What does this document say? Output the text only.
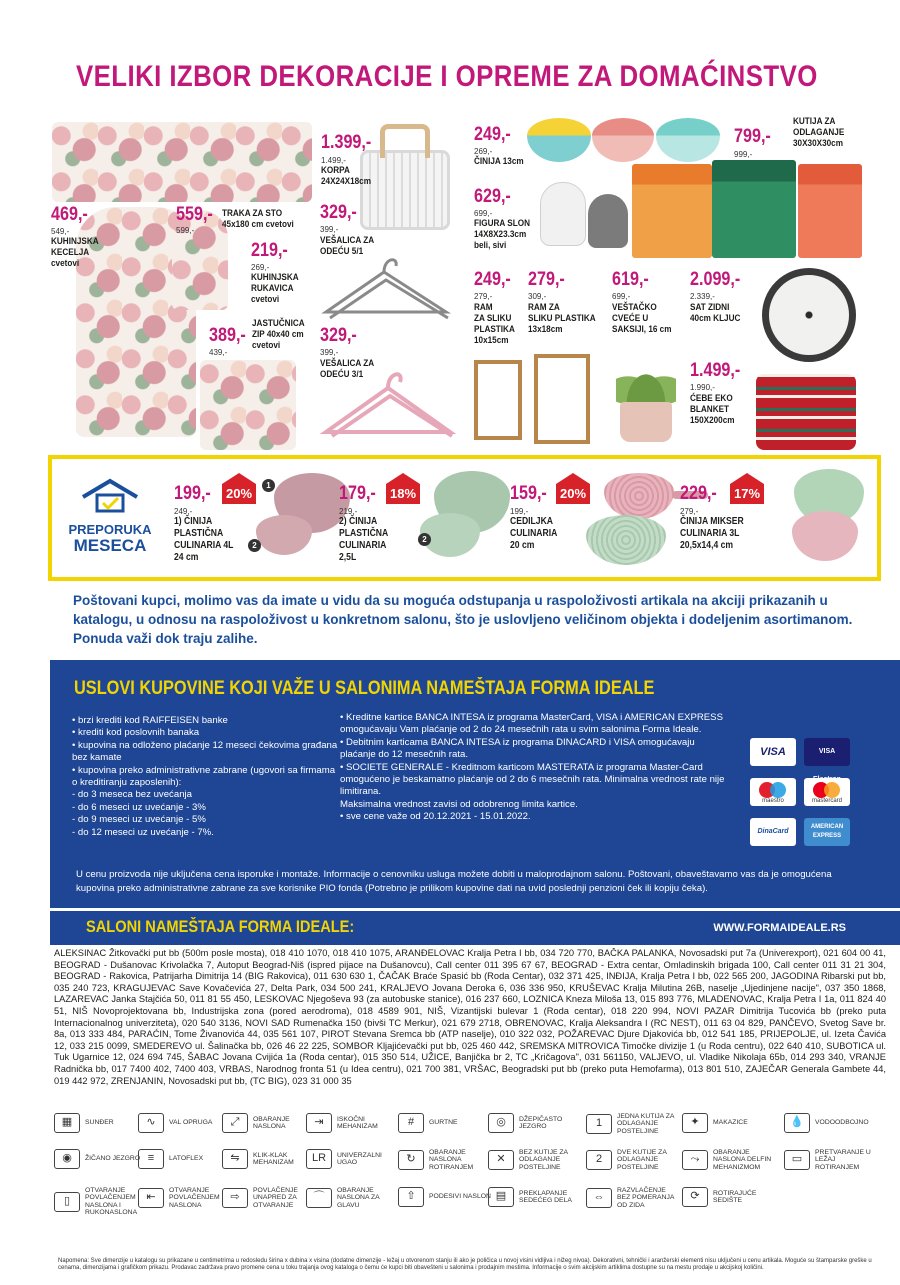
VELIKI IZBOR DEKORACIJE I OPREME ZA DOMAĆINSTVO
469,-
549,-
KUHINJSKA
KECELJA
cvetovi
559,-
599,-
TRAKA ZA STO
45x180 cm cvetovi
219,-
269,-
KUHINJSKA
RUKAVICA
cvetovi
389,-
439,-
JASTUČNICA
ZIP 40x40 cm
cvetovi
1.399,-
1.499,-
KORPA
24X24X18cm
329,-
399,-
VEŠALICA ZA
ODEĆU 5/1
329,-
399,-
VEŠALICA ZA
ODEĆU 3/1
249,-
269,-
ČINIJA 13cm
629,-
699,-
FIGURA SLON
14X8X23.3cm
beli, sivi
799,-
999,-
KUTIJA ZA
ODLAGANJE
30X30X30cm
249,-
279,-
RAM
ZA SLIKU
PLASTIKA
10x15cm
279,-
309,-
RAM ZA
SLIKU PLASTIKA
13x18cm
619,-
699,-
VEŠTAČKO
CVEĆE U
SAKSIJI, 16 cm
2.099,-
2.339,-
SAT ZIDNI
40cm KLJUC
1.499,-
1.990,-
ĆEBE EKO
BLANKET
150X200cm
PREPORUKA
MESECA
199,-	20%
249,-
1) ČINIJA
PLASTIČNA
CULINARIA 4L
24 cm
1
2
179,-	18%
219,-
2) ČINIJA
PLASTIČNA
CULINARIA
2,5L
2
159,-	20%
199,-
CEDILJKA
CULINARIA
20 cm
229,-	17%
279,-
ČINIJA MIKSER
CULINARIA 3L
20,5x14,4 cm
Poštovani kupci, molimo vas da imate u vidu da su moguća odstupanja u raspoloživosti artikala na akciji prikazanih u katalogu, u odnosu na raspoloživost u konkretnom salonu, što je uslovljeno veličinom objekta i dodeljenim asortimanom. Ponuda važi dok traju zalihe.
USLOVI KUPOVINE KOJI VAŽE U SALONIMA NAMEŠTAJA FORMA IDEALE
• brzi krediti kod RAIFFEISEN banke
• krediti kod poslovnih banaka
• kupovina na odloženo plaćanje 12 meseci čekovima građana bez kamate
• kupovina preko administrativne zabrane (ugovori sa firmama o kreditiranju zaposlenih):
- do 3 meseca bez uvećanja
- do 6 meseci uz uvećanje - 3%
- do 9 meseci uz uvećanje - 5%
- do 12 meseci uz uvećanje - 7%.
• Kreditne kartice BANCA INTESA iz programa MasterCard, VISA i AMERICAN EXPRESS omogućavaju Vam plaćanje od 2 do 24 mesečnih rata u svim salonima Forma Ideale.
• Debitnim karticama BANCA INTESA iz programa DINACARD i VISA omogućavaju plaćanje do 12 mesečnih rata.
• SOCIETE GENERALE - Kreditnom karticom MASTERATA iz programa Master-Card omogućeno je beskamatno plaćanje od 2 do 6 mesečnih rata. Minimalna vrednost rate nije limitirana.
Maksimalna vrednost zavisi od odobrenog limita kartice.
• sve cene važe od 20.12.2021 - 15.01.2022.
VISA	VISA
maestro	mastercard
DinaCard
AMERICAN EXPRESS
U cenu proizvoda nije uključena cena isporuke i montaže. Informacije o cenovniku usluga možete dobiti u maloprodajnom salonu. Poštovani, obaveštavamo vas da je omogućena kupovina preko administrativne zabrane za sve korisnike PIO fonda (Potrebno je prilikom kupovine dati na uvid poslednji penzioni ček ili kopiju čeka).
SALONI NAMEŠTAJA FORMA IDEALE:	WWW.FORMAIDEALE.RS
ALEKSINAC Žitkovački put bb (500m posle mosta), 018 410 1070, 018 410 1075, ARANĐELOVAC Kralja Petra I bb, 034 720 770, BAČKA PALANKA, Novosadski put 7a (Univerexport), 021 604 00 41, BEOGRAD - Dušanovac Krivolačka 7, Autoput Beograd-Niš (ispred pijace na Dušanovcu), Call center 011 395 67 67, BEOGRAD - Extra centar, Omladinskih brigada 100, Call center 011 31 21 304, BEOGRAD - Rakovica, Patrijarha Dimitrija 14 (BIG Rakovica), 011 630 630 1, ČAČAK Braće Spasić bb (Roda Centar), 032 371 425, INĐIJA, Kralja Petra I bb, 022 565 200, JAGODINA Ribarski put bb, 035 240 723, KRAGUJEVAC Save Kovačevića 27, Delta Park, 034 500 241, KRALJEVO Jovana Deroka 6, 036 336 950, KRUŠEVAC Kralja Milutina 26B, naselje „Ujedinjene nacije", 037 350 1868, LAZAREVAC Janka Stajčića 50, 011 81 55 450, LESKOVAC Njegoševa 93 (za autobuske stanice), 016 237 660, LOZNICA Kneza Miloša 13, 015 893 776, MLADENOVAC, Kralja Petra I 1a, 011 824 40 51, NIŠ Novoprojektovana bb, Industrijska zona (pored aerodroma), 018 4589 901, NIŠ, Vizantijski bulevar 1 (Roda centar), 018 220 994, NOVI PAZAR Dimitrija Tucovića bb (preko puta Internacionalnog univerziteta), 020 540 3136, NOVI SAD Rumenačka 150 (bivši TC Merkur), 021 679 2718, OBRENOVAC, Kralja Aleksandra I (RC NEST), 011 63 04 829, PANČEVO, Svetog Save br. 8a, 013 333 484, PARAĆIN, Tome Živanovića 44, 035 561 107, PIROT Stevana Sremca bb (ATP naselje), 010 322 032, POŽAREVAC Djure Djakovića bb, 012 541 185, PRIJEPOLJE, ul. Izeta Čavića 12, 033 215 0099, SMEDEREVO ul. Šalinačka bb, 026 46 22 225, SOMBOR Kljajićevački put bb, 025 460 442, SREMSKA MITROVICA Timočke divizije 1 (u Roda centru), 022 640 410, SUBOTICA ul. Tuk Ugarnice 12, 024 694 745, ŠABAC Jovana Cvijića 1a (Roda centar), 015 350 514, UŽICE, Banjička br 2, TC „Kričagova", 031 561150, VALJEVO, ul. Vladike Nikolaja 65b, 014 293 340, VRANJE Radnička bb, 017 7400 402, 7400 403, VRBAS, Narodnog fronta 51 (u Idea centru), 021 700 381, VRŠAC, Beogradski put bb (preko puta Hemofarma), 013 801 510, ZAJEČAR Generala Gambete 44, 019 442 972, ZRENJANIN, Novosadski put bb, (TC BIG), 023 31 000 35
▦	SUNĐER	∿	VAL OPRUGA	⤢	OBARANJE NASLONA	⇥	ISKOČNI MEHANIZAM	#	GURTNE	◎	DŽEPIČASTO JEZGRO	1
JEDNA KUTIJA ZA ODLAGANJE POSTELJINE
✦	MAKAZICE	💧	VODOODBOJNO
◉	ŽIČANO JEZGRO ≡	LATOFLEX	⇋	KLIK-KLAK MEHANIZAM	LR	UNIVERZALNI UGAO	↻
OBARANJE NASLONA ROTIRANJEM
✕
BEZ KUTIJE ZA ODLAGANJE POSTELJINE
2
DVE KUTIJE ZA ODLAGANJE POSTELJINE
⤳
OBARANJE NASLONA DELFIN MEHANIZMOM
▭
PRETVARANJE U LEŽAJ ROTIRANJEM
▯
OTVARANJE POVLAČENJEM NASLONA I RUKONASLONA
⇤
OTVARANJE POVLAČENJEM NASLONA
⇨
POVLAČENJE UNAPRED ZA OTVARANJE
⌒
OBARANJE NASLONA ZA GLAVU
⇧	PODESIVI NASLON ▤	PREKLAPANJE SEDEĆEG DELA	⇔
RAZVLAČENJE BEZ POMERANJA OD ZIDA
⟳	ROTIRAJUĆE SEDIŠTE
Napomena: Sve dimenzije u katalogu su prikazane u centimetrima u redosledu širina x dubina x visina (dodatne dimenzije - ležaj u otvorenom stanju ili ako je poličica u novoj visini vidljiva i nižeg nivoa). Dekorativni, tehnički i aranžerski elementi nisu uključeni u cenu artikala. Moguće su štamparske greške u cenama, dimenzijama i grafičkom prikazu. Prodavac zadržava pravo promene cena u toku trajanja ovog kataloga o čemu će kupci biti obavešteni u salonima i prodajnim mestima. Informacije o svim akcijskim artiklima dostupne su na mestu prodaje u akcijskoj količini.
